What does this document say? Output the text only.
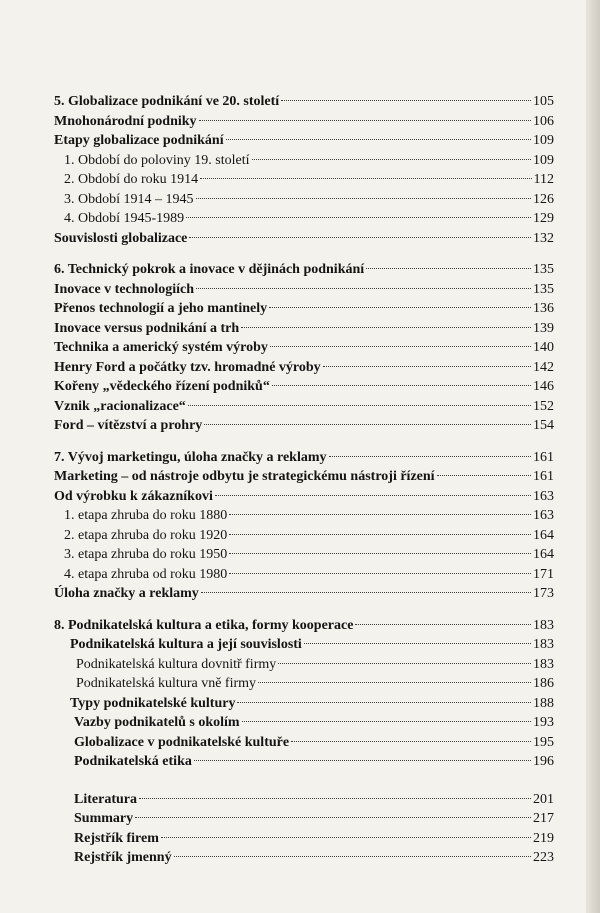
5. Globalizace podnikání ve 20. století	105
Mnohonárodní podniky	106
Etapy globalizace podnikání	109
1. Období do poloviny 19. století	109
2. Období do roku 1914	112
3. Období 1914 – 1945	126
4. Období 1945-1989	129
Souvislosti globalizace	132
6. Technický pokrok a inovace v dějinách podnikání	135
Inovace v technologiích	135
Přenos technologií a jeho mantinely	136
Inovace versus podnikání a trh	139
Technika a americký systém výroby	140
Henry Ford a počátky tzv. hromadné výroby	142
Kořeny „vědeckého řízení podniků“	146
Vznik „racionalizace“	152
Ford – vítězství a prohry	154
7. Vývoj marketingu, úloha značky a reklamy	161
Marketing – od nástroje odbytu je strategickému nástroji řízení	161
Od výrobku k zákazníkovi	163
1. etapa zhruba do roku 1880	163
2. etapa zhruba do roku 1920	164
3. etapa zhruba do roku 1950	164
4. etapa zhruba od roku 1980	171
Úloha značky a reklamy	173
8. Podnikatelská kultura a etika, formy kooperace	183
Podnikatelská kultura a její souvislosti	183
Podnikatelská kultura dovnitř firmy	183
Podnikatelská kultura vně firmy	186
Typy podnikatelské kultury	188
Vazby podnikatelů s okolím	193
Globalizace v podnikatelské kultuře	195
Podnikatelská etika	196
Literatura	201
Summary	217
Rejstřík firem	219
Rejstřík jmenný	223
